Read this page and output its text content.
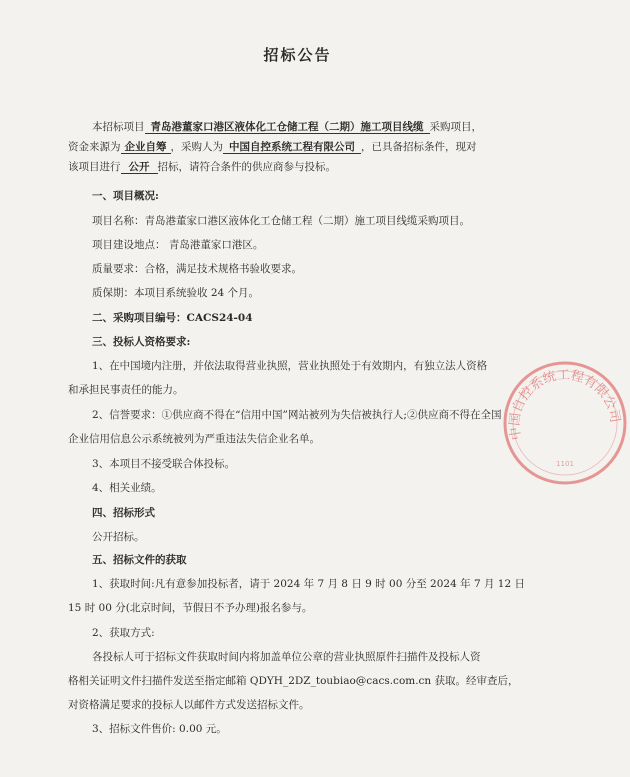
招标公告
本招标项目 青岛港董家口港区液体化工仓储工程（二期）施工项目线缆 采购项目，
资金来源为 企业自筹 ，采购人为 中国自控系统工程有限公司 ，已具备招标条件，现对
该项目进行 公开 招标，请符合条件的供应商参与投标。
一、项目概况:
项目名称：青岛港董家口港区液体化工仓储工程（二期）施工项目线缆采购项目。
项目建设地点： 青岛港董家口港区。
质量要求：合格，满足技术规格书验收要求。
质保期：本项目系统验收 24 个月。
二、采购项目编号：CACS24-04
三、投标人资格要求:
1、在中国境内注册，并依法取得营业执照，营业执照处于有效期内，有独立法人资格
和承担民事责任的能力。
2、信誉要求：①供应商不得在“信用中国”网站被列为失信被执行人;②供应商不得在全国
企业信用信息公示系统被列为严重违法失信企业名单。
3、本项目不接受联合体投标。
4、相关业绩。
四、招标形式
公开招标。
五、招标文件的获取
1、获取时间:凡有意参加投标者，请于 2024 年 7 月 8 日 9 时 00 分至 2024 年 7 月 12 日
15 时 00 分(北京时间，节假日不予办理)报名参与。
2、获取方式:
各投标人可于招标文件获取时间内将加盖单位公章的营业执照原件扫描件及投标人资
格相关证明文件扫描件发送至指定邮箱 QDYH_2DZ_toubiao@cacs.com.cn 获取。经审查后，
对资格满足要求的投标人以邮件方式发送招标文件。
3、招标文件售价: 0.00 元。
中国自控系统工程有限公司
1101
